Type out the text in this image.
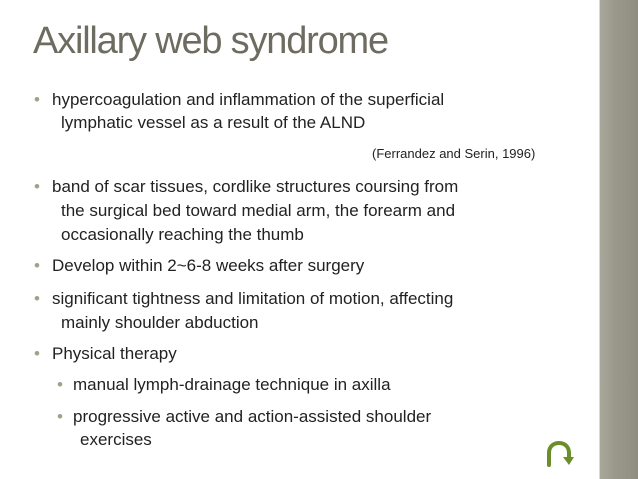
Axillary web syndrome
• hypercoagulation and inflammation of the superficial
lymphatic vessel as a result of the ALND
(Ferrandez and Serin, 1996)
• band of scar tissues, cordlike structures coursing from
the surgical bed toward medial arm, the forearm and
occasionally reaching the thumb
• Develop within 2~6-8 weeks after surgery
• significant tightness and limitation of motion, affecting
mainly shoulder abduction
• Physical therapy
• manual lymph-drainage technique in axilla
• progressive active and action-assisted shoulder
exercises
